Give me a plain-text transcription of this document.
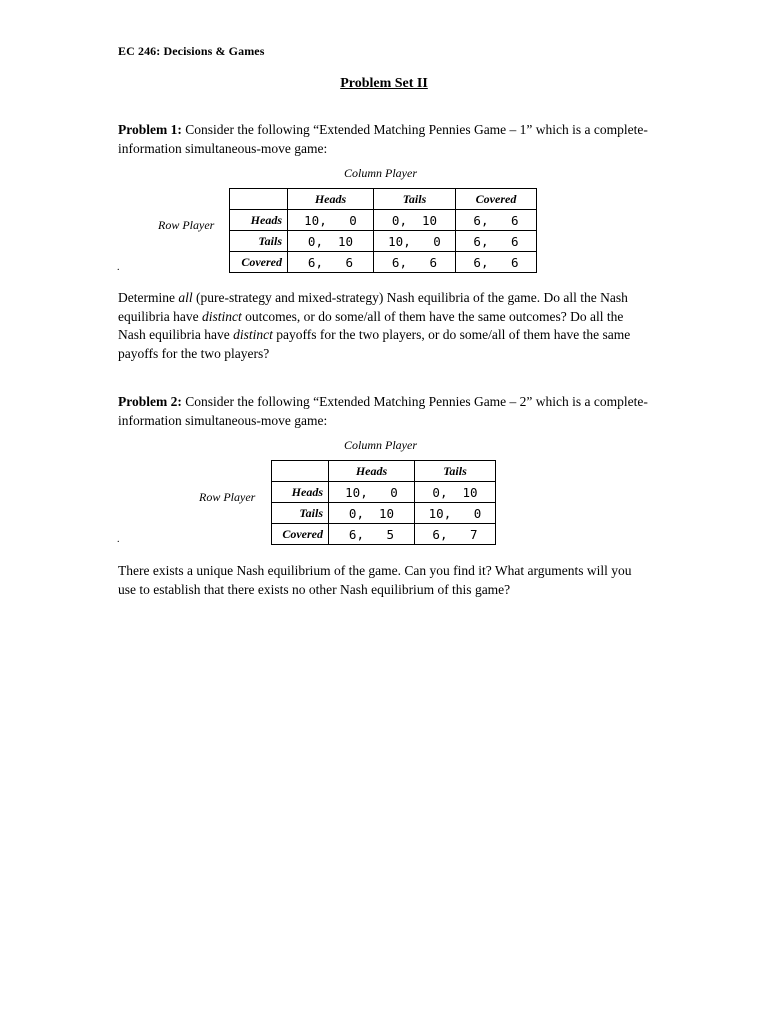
EC 246: Decisions & Games
Problem Set II
Problem 1: Consider the following “Extended Matching Pennies Game – 1” which is a complete-information simultaneous-move game:
Column Player
Row Player
.
	Heads	Tails	Covered
Heads	10,   0	0,  10	6,   6
Tails	0,  10	10,   0	6,   6
Covered	6,   6	6,   6	6,   6
Determine all (pure-strategy and mixed-strategy) Nash equilibria of the game. Do all the Nash equilibria have distinct outcomes, or do some/all of them have the same outcomes? Do all the Nash equilibria have distinct payoffs for the two players, or do some/all of them have the same payoffs for the two players?
Problem 2: Consider the following “Extended Matching Pennies Game – 2” which is a complete-information simultaneous-move game:
Column Player
Row Player
.
	Heads	Tails
Heads	10,   0	0,  10
Tails	0,  10	10,   0
Covered	6,   5	6,   7
There exists a unique Nash equilibrium of the game. Can you find it? What arguments will you use to establish that there exists no other Nash equilibrium of this game?
